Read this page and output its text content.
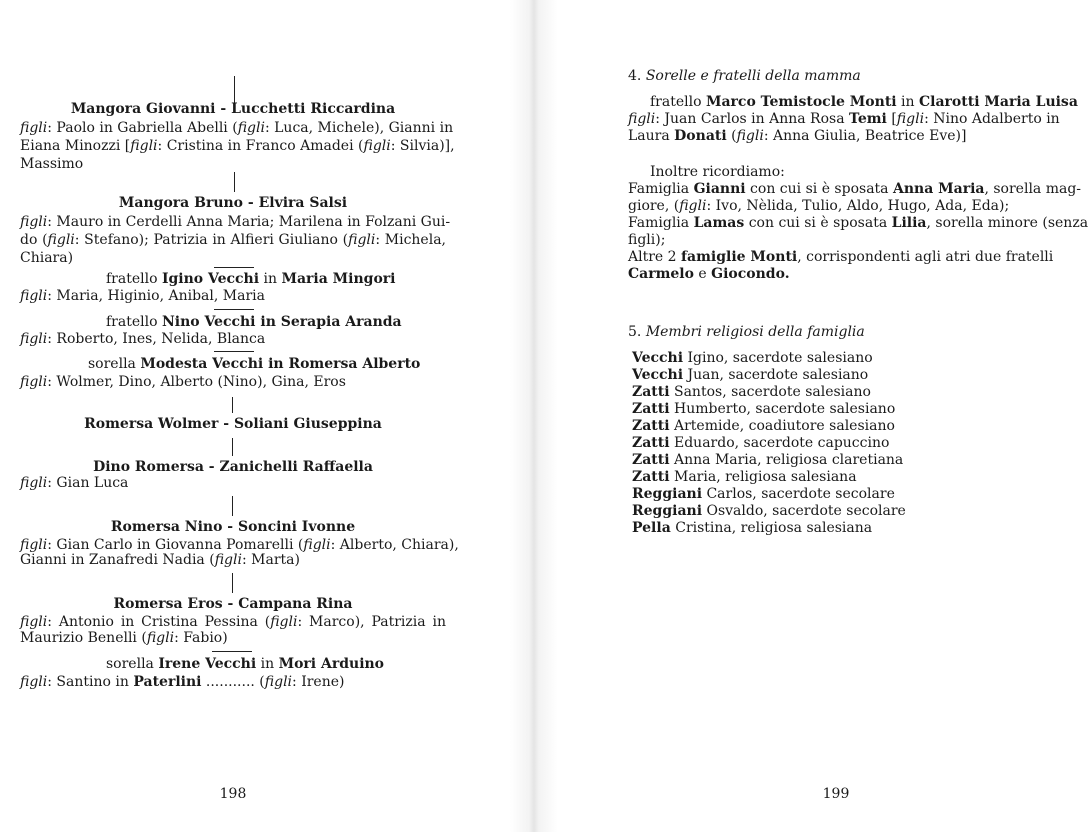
Mangora Giovanni - Lucchetti Riccardina
figli: Paolo in Gabriella Abelli (figli: Luca, Michele), Gianni in
Eiana Minozzi [figli: Cristina in Franco Amadei (figli: Silvia)],
Massimo
Mangora Bruno - Elvira Salsi
figli: Mauro in Cerdelli Anna Maria; Marilena in Folzani Gui-
do (figli: Stefano); Patrizia in Alfieri Giuliano (figli: Michela,
Chiara)
fratello Igino Vecchi in Maria Mingori
figli: Maria, Higinio, Anibal, Maria
fratello Nino Vecchi in Serapia Aranda
figli: Roberto, Ines, Nelida, Blanca
sorella Modesta Vecchi in Romersa Alberto
figli: Wolmer, Dino, Alberto (Nino), Gina, Eros
Romersa Wolmer - Soliani Giuseppina
Dino Romersa - Zanichelli Raffaella
figli: Gian Luca
Romersa Nino - Soncini Ivonne
figli: Gian Carlo in Giovanna Pomarelli (figli: Alberto, Chiara),
Gianni in Zanafredi Nadia (figli: Marta)
Romersa Eros - Campana Rina
figli: Antonio in Cristina Pessina (figli: Marco), Patrizia in
Maurizio Benelli (figli: Fabio)
sorella Irene Vecchi in Mori Arduino
figli: Santino in Paterlini ........... (figli: Irene)
198
4. Sorelle e fratelli della mamma
fratello Marco Temistocle Monti in Clarotti Maria Luisa
figli: Juan Carlos in Anna Rosa Temi [figli: Nino Adalberto in
Laura Donati (figli: Anna Giulia, Beatrice Eve)]
Inoltre ricordiamo:
Famiglia Gianni con cui si è sposata Anna Maria, sorella mag-
giore, (figli: Ivo, Nèlida, Tulio, Aldo, Hugo, Ada, Eda);
Famiglia Lamas con cui si è sposata Lilia, sorella minore (senza
figli);
Altre 2 famiglie Monti, corrispondenti agli atri due fratelli
Carmelo e Giocondo.
5. Membri religiosi della famiglia
Vecchi Igino, sacerdote salesiano
Vecchi Juan, sacerdote salesiano
Zatti Santos, sacerdote salesiano
Zatti Humberto, sacerdote salesiano
Zatti Artemide, coadiutore salesiano
Zatti Eduardo, sacerdote capuccino
Zatti Anna Maria, religiosa claretiana
Zatti Maria, religiosa salesiana
Reggiani Carlos, sacerdote secolare
Reggiani Osvaldo, sacerdote secolare
Pella Cristina, religiosa salesiana
199
